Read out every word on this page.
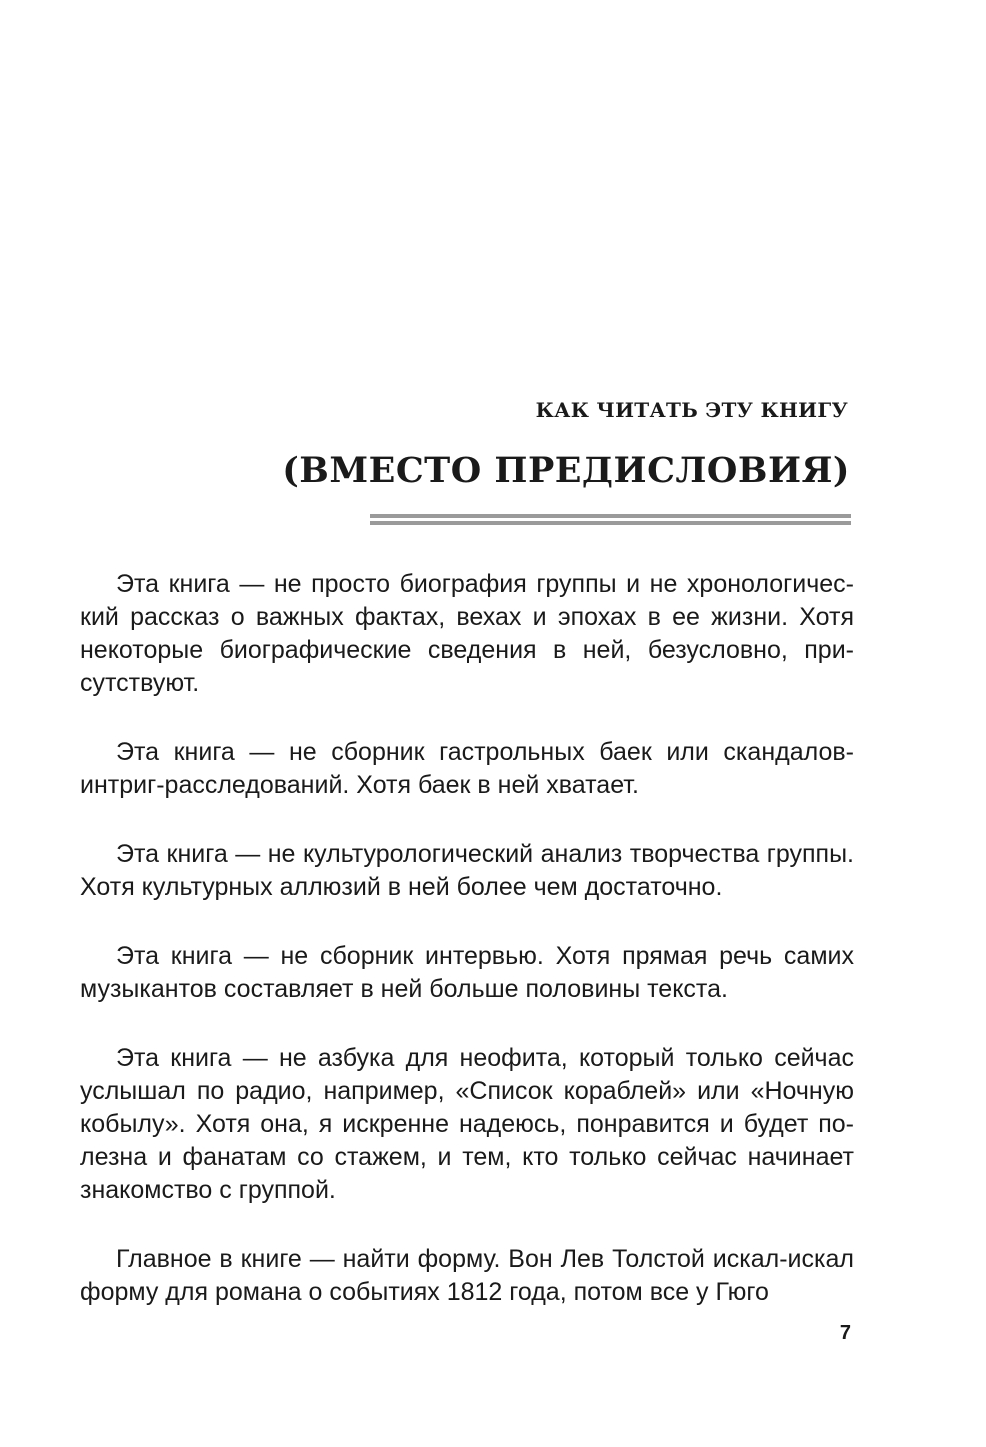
КАК ЧИТАТЬ ЭТУ КНИГУ
(ВМЕСТО ПРЕДИСЛОВИЯ)

Эта книга — не просто биография группы и не хронологический рассказ о важных фактах, вехах и эпохах в ее жизни. Хотя некоторые биографические сведения в ней, безусловно, присутствуют.

Эта книга — не сборник гастрольных баек или скандалов-интриг-расследований. Хотя баек в ней хватает.

Эта книга — не культурологический анализ творчества группы. Хотя культурных аллюзий в ней более чем достаточно.

Эта книга — не сборник интервью. Хотя прямая речь самих музыкантов составляет в ней больше половины текста.

Эта книга — не азбука для неофита, который только сейчас услышал по радио, например, «Список кораблей» или «Ночную кобылу». Хотя она, я искренне надеюсь, понравится и будет полезна и фанатам со стажем, и тем, кто только сейчас начинает знакомство с группой.

Главное в книге — найти форму. Вон Лев Толстой искал-искал форму для романа о событиях 1812 года, потом все у Гюго

7
